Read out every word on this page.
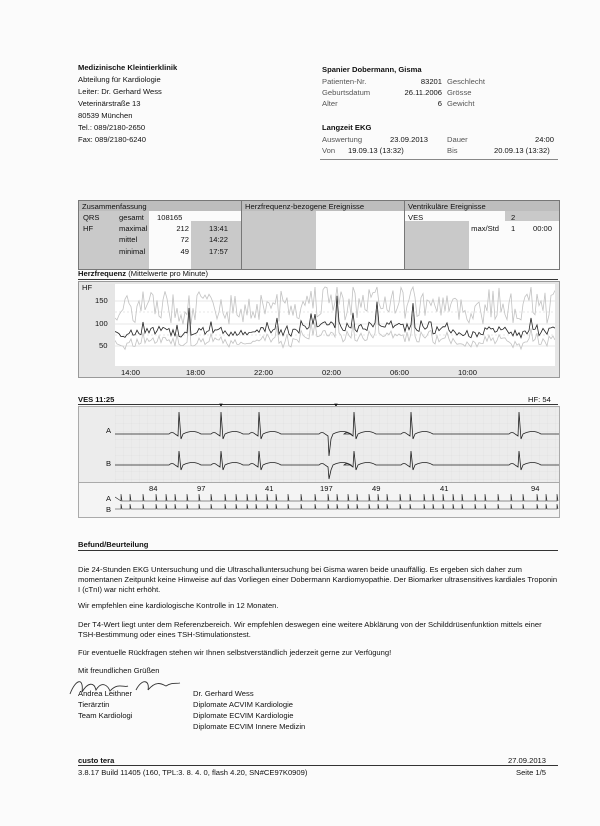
Medizinische Kleintierklinik
Abteilung für Kardiologie
Leiter: Dr. Gerhard Wess
Veterinärstraße 13
80539 München
Tel.: 089/2180-2650
Fax: 089/2180-6240
Spanier Dobermann, Gisma
Patienten-Nr.	83201 Geschlecht
Geburtsdatum	26.11.2006 Grösse
Alter	6 Gewicht
Langzeit EKG
Auswertung	23.09.2013 Dauer	24:00
Von 19.09.13 (13:32)	Bis	20.09.13 (13:32)
Zusammenfassung
QRS	gesamt 108165
HF	maximal	212	13:41
mittel	72	14:22
minimal	49	17:57
Herzfrequenz-bezogene Ereignisse	Ventrikuläre Ereignisse
VES	2
max/Std 1 00:00
Herzfrequenz (Mittelwerte pro Minute)
HF
150
100
50
14:00	18:00	22:00	02:00	06:00	10:00
VES 11:25	HF: 54
A
B
84	97	41	197	49	41	94
A
B
Befund/Beurteilung
Die 24-Stunden EKG Untersuchung und die Ultraschalluntersuchung bei Gisma waren beide unauffällig. Es ergeben sich daher zum momentanen Zeitpunkt keine Hinweise auf das Vorliegen einer Dobermann Kardiomyopathie. Der Biomarker ultrasensitives kardiales Troponin I (cTnI) war nicht erhöht.
Wir empfehlen eine kardiologische Kontrolle in 12 Monaten.
Der T4-Wert liegt unter dem Referenzbereich. Wir empfehlen deswegen eine weitere Abklärung von der Schilddrüsenfunktion mittels einer TSH-Bestimmung oder eines TSH-Stimulationstest.
Für eventuelle Rückfragen stehen wir Ihnen selbstverständlich jederzeit gerne zur Verfügung!
Mit freundlichen Grüßen
Andrea Leithner
Tierärztin
Team Kardiologi
Dr. Gerhard Wess
Diplomate ACVIM Kardiologie
Diplomate ECVIM Kardiologie
Diplomate ECVIM Innere Medizin
custo tera	27.09.2013
3.8.17 Build 11405 (160, TPL:3. 8. 4. 0, flash 4.20, SN#CE97K0909)	Seite 1/5
